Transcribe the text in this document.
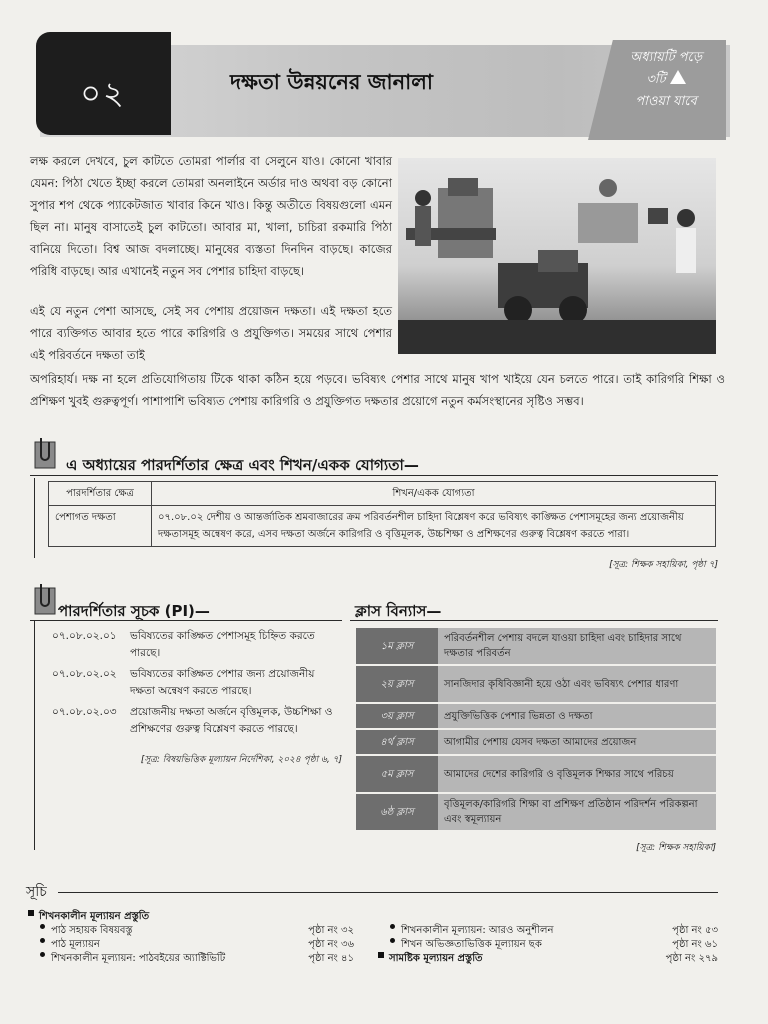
০২	দক্ষতা উন্নয়নের জানালা
অধ্যায়টি পড়ে
৩টি
পাওয়া যাবে
লক্ষ করলে দেখবে, চুল কাটতে তোমরা পার্লার বা সেলুনে যাও। কোনো খাবার যেমন: পিঠা খেতে ইচ্ছা করলে তোমরা অনলাইনে অর্ডার দাও অথবা বড় কোনো সুপার শপ থেকে প্যাকেটজাত খাবার কিনে খাও। কিন্তু অতীতে বিষয়গুলো এমন ছিল না। মানুষ বাসাতেই চুল কাটতো। আবার মা, খালা, চাচিরা রকমারি পিঠা বানিয়ে দিতো। বিশ্ব আজ বদলাচ্ছে। মানুষের ব্যস্ততা দিনদিন বাড়ছে। কাজের পরিধি বাড়ছে। আর এখানেই নতুন সব পেশার চাহিদা বাড়ছে।
এই যে নতুন পেশা আসছে, সেই সব পেশায় প্রয়োজন দক্ষতা। এই দক্ষতা হতে পারে ব্যক্তিগত আবার হতে পারে কারিগরি ও প্রযুক্তিগত। সময়ের সাথে পেশার এই পরিবর্তনে দক্ষতা তাই
অপরিহার্য। দক্ষ না হলে প্রতিযোগিতায় টিকে থাকা কঠিন হয়ে পড়বে। ভবিষ্যৎ পেশার সাথে মানুষ খাপ খাইয়ে যেন চলতে পারে। তাই কারিগরি শিক্ষা ও প্রশিক্ষণ খুবই গুরুত্বপূর্ণ। পাশাপাশি ভবিষ্যত পেশায় কারিগরি ও প্রযুক্তিগত দক্ষতার প্রয়োগে নতুন কর্মসংস্থানের সৃষ্টিও সম্ভব।
এ অধ্যায়ের পারদর্শিতার ক্ষেত্র এবং শিখন/একক যোগ্যতা—
পারদর্শিতার ক্ষেত্র	শিখন/একক যোগ্যতা
পেশাগত দক্ষতা	০৭.০৮.০২ দেশীয় ও আন্তর্জাতিক শ্রমবাজারের ক্রম পরিবর্তনশীল চাহিদা বিশ্লেষণ করে ভবিষ্যৎ কাঙ্ক্ষিত পেশাসমূহের জন্য প্রয়োজনীয় দক্ষতাসমূহ অন্বেষণ করে, এসব দক্ষতা অর্জনে কারিগরি ও বৃত্তিমূলক, উচ্চশিক্ষা ও প্রশিক্ষণের গুরুত্ব বিশ্লেষণ করতে পারা।
[সূত্র: শিক্ষক সহায়িকা, পৃষ্ঠা ৭]
পারদর্শিতার সূচক (PI)—
০৭.০৮.০২.০১	ভবিষ্যতের কাঙ্ক্ষিত পেশাসমূহ চিহ্নিত করতে পারছে।
০৭.০৮.০২.০২	ভবিষ্যতের কাঙ্ক্ষিত পেশার জন্য প্রয়োজনীয় দক্ষতা অন্বেষণ করতে পারছে।
০৭.০৮.০২.০৩	প্রয়োজনীয় দক্ষতা অর্জনে বৃত্তিমূলক, উচ্চশিক্ষা ও প্রশিক্ষণের গুরুত্ব বিশ্লেষণ করতে পারছে।
[সূত্র: বিষয়ভিত্তিক মূল্যায়ন নির্দেশিকা, ২০২৪ পৃষ্ঠা ৬, ৭]
ক্লাস বিন্যাস—
১ম ক্লাস	পরিবর্তনশীল পেশায় বদলে যাওয়া চাহিদা এবং চাহিদার সাথে দক্ষতার পরিবর্তন
২য় ক্লাস	সানজিদার কৃষিবিজ্ঞানী হয়ে ওঠা এবং ভবিষ্যৎ পেশার ধারণা
৩য় ক্লাস	প্রযুক্তিভিত্তিক পেশার ভিন্নতা ও দক্ষতা
৪র্থ ক্লাস	আগামীর পেশায় যেসব দক্ষতা আমাদের প্রয়োজন
৫ম ক্লাস	আমাদের দেশের কারিগরি ও বৃত্তিমূলক শিক্ষার সাথে পরিচয়
৬ষ্ঠ ক্লাস	বৃত্তিমূলক/কারিগরি শিক্ষা বা প্রশিক্ষণ প্রতিষ্ঠান পরিদর্শন পরিকল্পনা এবং স্বমূল্যায়ন
[সূত্র: শিক্ষক সহায়িকা]
সূচি
শিখনকালীন মূল্যায়ন প্রস্তুতি
পাঠ সহায়ক বিষয়বস্তু	পৃষ্ঠা নং ৩২
পাঠ মূল্যায়ন	পৃষ্ঠা নং ৩৬
শিখনকালীন মূল্যায়ন: পাঠবইয়ের অ্যাক্টিভিটি	পৃষ্ঠা নং ৪১
শিখনকালীন মূল্যায়ন: আরও অনুশীলন	পৃষ্ঠা নং ৫৩
শিখন অভিজ্ঞতাভিত্তিক মূল্যায়ন ছক	পৃষ্ঠা নং ৬১
সামষ্টিক মূল্যায়ন প্রস্তুতি	পৃষ্ঠা নং ২৭৯
